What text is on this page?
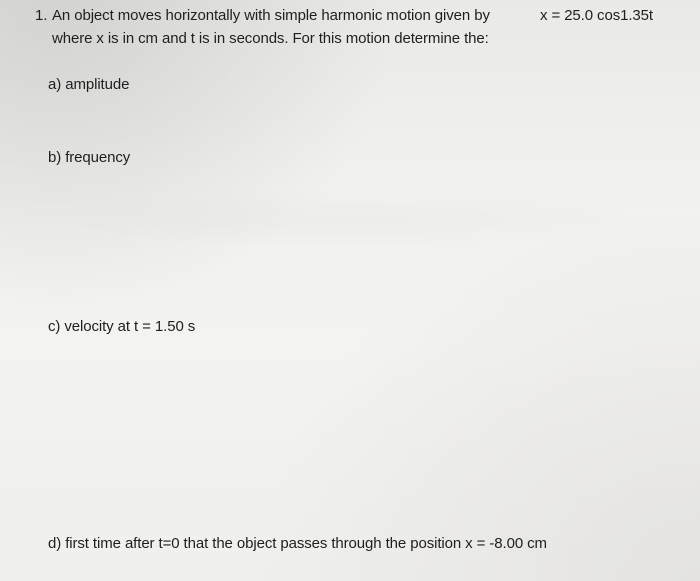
1. An object moves horizontally with simple harmonic motion given by	x = 25.0 cos1.35t

where x is in cm and t is in seconds. For this motion determine the:

a) amplitude

b) frequency

c) velocity at t = 1.50 s

d) first time after t=0 that the object passes through the position x = -8.00 cm
